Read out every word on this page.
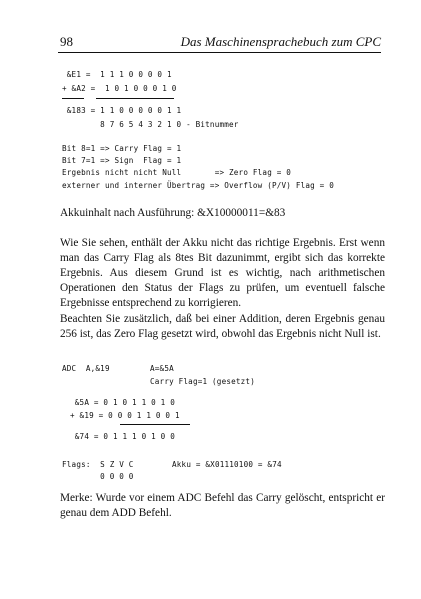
98	Das Maschinensprachebuch zum CPC
&E1 =  1 1 1 0 0 0 0 1
+ &A2 =  1 0 1 0 0 0 1 0
&183 = 1 1 0 0 0 0 0 1 1
8 7 6 5 4 3 2 1 0 - Bitnummer
Bit 8=1 => Carry Flag = 1
Bit 7=1 => Sign  Flag = 1
Ergebnis nicht nicht Null       => Zero Flag = 0
externer und interner Übertrag => Overflow (P/V) Flag = 0
Akkuinhalt nach Ausführung: &X10000011=&83
Wie Sie sehen, enthält der Akku nicht das richtige Ergebnis. Erst wenn man das Carry Flag als 8tes Bit dazunimmt, ergibt sich das korrekte Ergebnis. Aus diesem Grund ist es wichtig, nach arithmetischen Operationen den Status der Flags zu prüfen, um eventuell falsche Ergebnisse entsprechend zu korrigieren.
Beachten Sie zusätzlich, daß bei einer Addition, deren Ergebnis genau 256 ist, das Zero Flag gesetzt wird, obwohl das Ergebnis nicht Null ist.
ADC  A,&19	A=&5A
Carry Flag=1 (gesetzt)
&5A = 0 1 0 1 1 0 1 0
+ &19 = 0 0 0 1 1 0 0 1
&74 = 0 1 1 1 0 1 0 0
Flags:  S Z V C	Akku = &X01110100 = &74
0 0 0 0
Merke: Wurde vor einem ADC Befehl das Carry gelöscht, entspricht er genau dem ADD Befehl.
